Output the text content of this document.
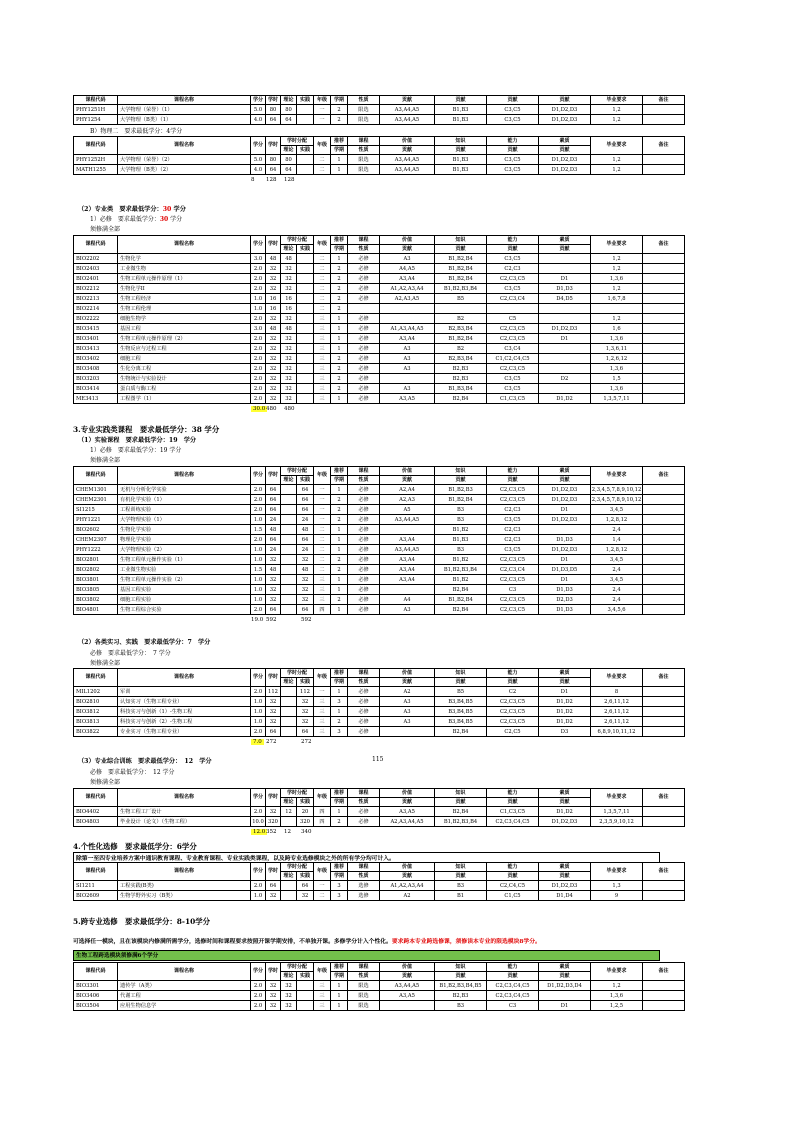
课程代码	课程名称	学分	学时	理论	实践	年级	学期	性质	贡献	贡献	贡献	贡献	毕业要求	备注
PHY1251H	大学物理（荣誉）（1）	5.0	80	80		一	2	限选	A3,A4,A5	B1,B3	C3,C5	D1,D2,D3	1,2	
PHY1254	大学物理（B类）（1）	4.0	64	64		一	2	限选	A3,A4,A5	B1,B3	C3,C5	D1,D2,D3	1,2	
B）物理二　要求最低学分：4学分
课程代码	课程名称	学分	学时	学时分配		年级	推荐	课程	价值	知识	能力	素质	毕业要求	备注
				理论	实践		学期	性质	贡献	贡献	贡献	贡献		
PHY1252H	大学物理（荣誉）（2）	5.0	80	80		二	1	限选	A3,A4,A5	B1,B3	C3,C5	D1,D2,D3	1,2	
MATH1255	大学物理（B类）（2）	4.0	64	64		二	1	限选	A3,A4,A5	B1,B3	C3,C5	D1,D2,D3	1,2	
（2）专业类　要求最低学分：30 学分
1）必修　要求最低学分：30 学分
须修满全部
课程代码	课程名称	学分	学时	学时分配		年级	推荐	课程	价值	知识	能力	素质	毕业要求	备注
				理论	实践		学期	性质	贡献	贡献	贡献	贡献		
BIO2202	生物化学	3.0	48	48		二	1	必修	A3	B1,B2,B4	C3,C5		1,2	
BIO2403	工业微生物	2.0	32	32		二	2	必修	A4,A5	B1,B2,B4	C2,C3		1,2	
BIO2401	生物工程单元操作原理（1）	2.0	32	32		二	2	必修	A3,A4	B1,B2,B4	C2,C3,C5	D1	1,3,6	
BIO2212	生物化学II	2.0	32	32		二	2	必修	A1,A2,A3,A4	B1,B2,B3,B4	C3,C5	D1,D3	1,2	
BIO2213	生物工程经济	1.0	16	16		二	2	必修	A2,A3,A5	B5	C2,C3,C4	D4,D5	1,6,7,8	
BIO2214	生物工程伦理	1.0	16	16		二	2							
BIO2222	细胞生物学	2.0	32	32		三	1	必修		B2	C5		1,2	
BIO3415	基因工程	3.0	48	48		三	1	必修	A1,A3,A4,A5	B2,B3,B4	C2,C3,C5	D1,D2,D3	1,6	
BIO3401	生物工程单元操作原理（2）	2.0	32	32		三	1	必修	A3,A4	B1,B2,B4	C2,C3,C5	D1	1,3,6	
BIO3413	生物反应与过程工程	2.0	32	32		三	1	必修	A3	B2	C3,C4		1,3,6,11	
BIO3402	细胞工程	2.0	32	32		三	2	必修	A3	B2,B3,B4	C1,C2,C4,C5		1,2,6,12	
BIO3408	生化分离工程	2.0	32	32		三	2	必修	A3	B2,B3	C2,C3,C5		1,3,6	
BIO3203	生物统计与实验设计	2.0	32	32		三	2	必修		B2,B3	C3,C5	D2	1,5	
BIO3414	蛋白质与酶工程	2.0	32	32		三	2	必修	A3	B1,B3,B4	C3,C5		1,3,6	
ME3413	工程图学（1）	2.0	32	32		三	1	必修	A3,A5	B2,B4	C1,C3,C5	D1,D2	1,3,5,7,11	
3.专业实践类课程　要求最低学分：38 学分
（1）实验课程　要求最低学分：19　学分
1）必修　要求最低学分：19 学分
须修满全部
课程代码	课程名称	学分	学时	学时分配		年级	推荐	课程	价值	知识	能力	素质	毕业要求	备注
				理论	实践		学期	性质	贡献	贡献	贡献	贡献		
CHEM1301	无机与分析化学实验	2.0	64		64	一	1	必修	A2,A4	B1,B2,B3	C2,C3,C5	D1,D2,D3	2,3,4,5,7,8,9,10,12	
CHEM2301	有机化学实验（1）	2.0	64		64	一	2	必修	A2,A3	B1,B2,B4	C2,C3,C5	D1,D2,D3	2,3,4,5,7,8,9,10,12	
SI1215	工程训练实验	2.0	64		64	一	2	必修	A5	B3	C2,C3	D1	3,4,5	
PHY1221	大学物理实验（1）	1.0	24		24	一	2	必修	A3,A4,A5	B3	C3,C5	D1,D2,D3	1,2,8,12	
BIO2602	生物化学实验	1.5	48		48	二	1	必修		B1,B2	C2,C3		2,4	
CHEM2307	物理化学实验	2.0	64		64	二	1	必修	A3,A4	B1,B3	C2,C3	D1,D3	1,4	
PHY1222	大学物理实验（2）	1.0	24		24	二	1	必修	A3,A4,A5	B3	C3,C5	D1,D2,D3	1,2,8,12	
BIO2801	生物工程单元操作实验（1）	1.0	32		32	二	2	必修	A3,A4	B1,B2	C2,C3,C5	D1	3,4,5	
BIO2802	工业微生物实验	1.5	48		48	二	2	必修	A3,A4	B1,B2,B3,B4	C2,C3,C4	D1,D3,D5	2,4	
BIO3801	生物工程单元操作实验（2）	1.0	32		32	三	1	必修	A3,A4	B1,B2	C2,C3,C5	D1	3,4,5	
BIO3805	基因工程实验	1.0	32		32	三	1	必修		B2,B4	C3	D1,D3	2,4	
BIO3802	细胞工程实验	1.0	32		32	三	2	必修	A4	B1,B2,B4	C2,C3,C5	D2,D3	2,4	
BIO4801	生物工程综合实验	2.0	64		64	四	1	必修	A3	B2,B4	C2,C3,C5	D1,D3	3,4,5,6	
（2）各类实习、实践　要求最低学分：7　学分
必修　要求最低学分：　7 学分
须修满全部
课程代码	课程名称	学分	学时	学时分配		年级	推荐	课程	价值	知识	能力	素质	毕业要求	备注
				理论	实践		学期	性质	贡献	贡献	贡献	贡献		
MIL1202	军训	2.0	112		112	一	1	必修	A2	B5	C2	D1	8	
BIO2810	认知实习（生物工程专业）	1.0	32		32	三	3	必修	A3	B3,B4,B5	C2,C3,C5	D1,D2	2,6,11,12	
BIO3812	科技实习与创新（1）-生物工程	1.0	32		32	三	1	必修	A3	B3,B4,B5	C2,C3,C5	D1,D2	2,6,11,12	
BIO3813	科技实习与创新（2）-生物工程	1.0	32		32	三	2	必修	A3	B3,B4,B5	C2,C3,C5	D1,D2	2,6,11,12	
BIO3822	专业实习（生物工程专业）	2.0	64		64	三	3	必修		B2,B4	C2,C5	D3	6,8,9,10,11,12	
（3）专业综合训练　要求最低学分：　12　学分	115
必修　要求最低学分：　12 学分
须修满全部
课程代码	课程名称	学分	学时	学时分配		年级	推荐	课程	价值	知识	能力	素质	毕业要求	备注
				理论	实践		学期	性质	贡献	贡献	贡献	贡献		
BIO4402	生物工程工厂设计	2.0	32	12	20	四	1	必修	A3,A5	B2,B4	C1,C3,C5	D1,D2	1,3,5,7,11	
BIO4803	毕业设计（论文）（生物工程）	10.0	320		320	四	2	必修	A2,A3,A4,A5	B1,B2,B3,B4	C2,C3,C4,C5	D1,D2,D3	2,3,5,9,10,12	
4.个性化选修　要求最低学分：6学分
除第一至四专业培养方案中通识教育课程、专业教育课程、专业实践类课程，以及跨专业选修模块之外的所有学分均可计入。
课程代码	课程名称	学分	学时	学时分配		年级	推荐	课程	价值	知识	能力	素质	毕业要求	备注
				理论	实践		学期	性质	贡献	贡献	贡献	贡献		
SI1211	工程实践(B类)	2.0	64		64	一	3	选修	A1,A2,A3,A4	B3	C2,C4,C5	D1,D2,D3	1,3	
BIO2609	生物学野外实习（B类）	1.0	32		32	二	3	选修	A2	B1	C1,C5	D1,D4	9	
5.跨专业选修　要求最低学分：8-10学分
可选择任一模块，且在该模块内修满所需学分，选修时间和课程要求按照开课学期安排，不单独开课。多修学分计入个性化。要求跨本专业跨选修课，须修读本专业的限选模块8学分。
生物工程跨选模块须修满6个学分
课程代码	课程名称	学分	学时	学时分配		年级	推荐	课程	价值	知识	能力	素质	毕业要求	备注
				理论	实践		学期	性质	贡献	贡献	贡献	贡献		
BIO3301	遗传学（A类）	2.0	32	32		三	1	限选	A3,A4,A5	B1,B2,B3,B4,B5	C2,C3,C4,C5	D1,D2,D3,D4	1,2	
BIO3406	代谢工程	2.0	32	32		三	1	限选	A3,A5	B2,B3	C2,C3,C4,C5		1,3,6	
BIO3504	应用生物信息学	2.0	32	32		三	1	限选		B3	C3	D1	1,2,5	
8 128 128
30.0 480 480
19.0 592	592
7.0 272	272
12.0 352 12 340
